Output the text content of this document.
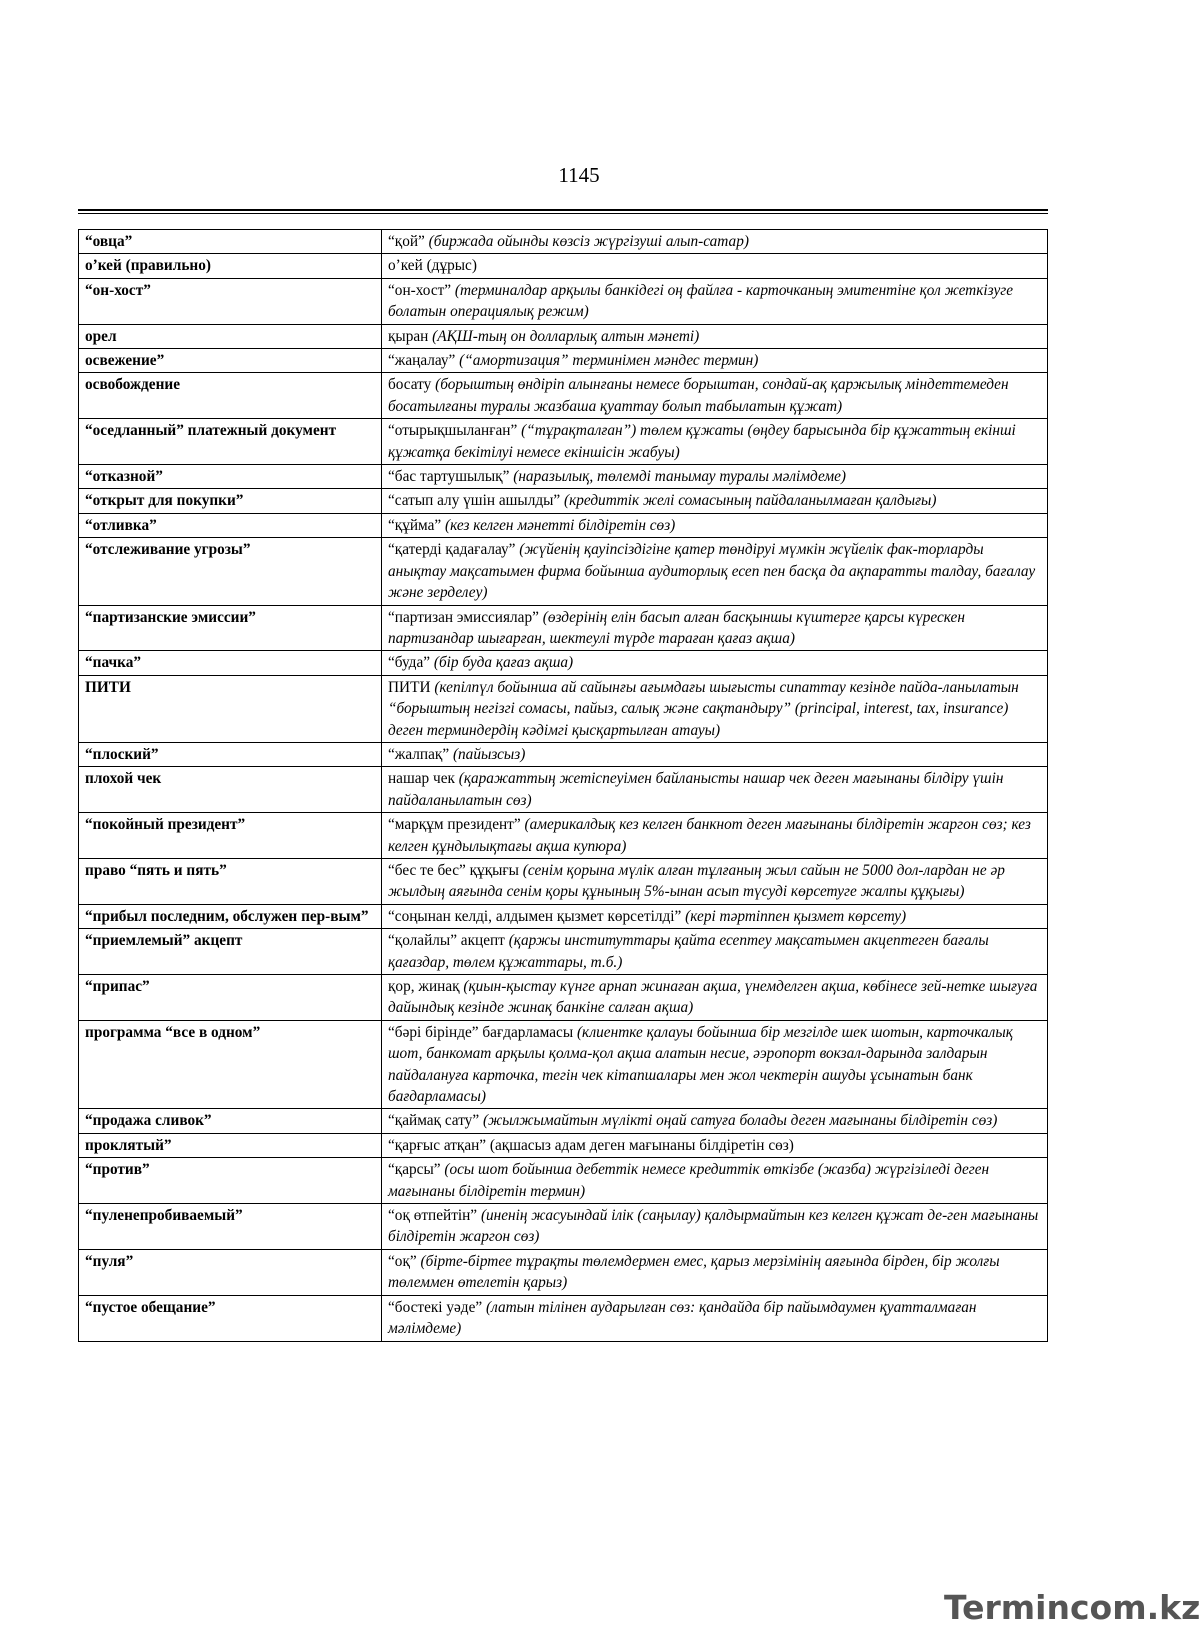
1145
“овца”	“қой” (биржада ойынды көзсіз жүргізуші алып-сатар)
о’кей (правильно)	о’кей (дұрыс)
“он-хост”	“он-хост” (терминалдар арқылы банкідегі оң файлға - карточканың эмитентіне қол жеткізуге болатын операциялық режим)
орел	қыран (АҚШ-тың он долларлық алтын мәнеті)
освежение”	“жаңалау” (“амортизация” терминімен мәндес термин)
освобождение	босату (борыштың өндіріп алынғаны немесе борыштан, сондай-ақ қаржылық міндеттемеден босатылғаны туралы жазбаша қуаттау болып табылатын құжат)
“оседланный” платежный документ	“отырықшыланған” (“тұрақталған”) төлем құжаты (өңдеу барысында бір құжаттың екінші құжатқа бекітілуі немесе екіншісін жабуы)
“отказной”	“бас тартушылық” (наразылық, төлемді танымау туралы мәлімдеме)
“открыт для покупки”	“сатып алу үшін ашылды” (кредиттік желі сомасының пайдаланылмаған қалдығы)
“отливка”	“құйма” (кез келген мәнетті білдіретін сөз)
“отслеживание угрозы”	“қатерді қадағалау” (жүйенің қауіпсіздігіне қатер төндіруі мүмкін жүйелік фак-торларды анықтау мақсатымен фирма бойынша аудиторлық есеп пен басқа да ақпаратты талдау, бағалау және зерделеу)
“партизанские эмиссии”	“партизан эмиссиялар” (өздерінің елін басып алған басқыншы күштерге қарсы күрескен партизандар шығарған, шектеулі түрде тараған қағаз ақша)
“пачка”	“буда” (бір буда қағаз ақша)
ПИТИ	ПИТИ (кепілпүл бойынша ай сайынғы ағымдағы шығысты сипаттау кезінде пайда-ланылатын “борыштың негізгі сомасы, пайыз, салық және сақтандыру” (principal, interest, tax, insurance) деген терминдердің кәдімгі қысқартылған атауы)
“плоский”	“жалпақ” (пайызсыз)
плохой чек	нашар чек (қаражаттың жетіспеуімен байланысты нашар чек деген мағынаны білдіру үшін пайдаланылатын сөз)
“покойный президент”	“марқұм президент” (америкалдық кез келген банкнот деген мағынаны білдіретін жаргон сөз; кез келген құндылықтағы ақша купюра)
право “пять и пять”	“бес те бес” құқығы (сенім қорына мүлік алған тұлғаның жыл сайын не 5000 дол-лардан не әр жылдың аяғында сенім қоры құнының 5%-ынан асып түсуді көрсетуге жалпы құқығы)
“прибыл последним, обслужен пер-вым”	“соңынан келді, алдымен қызмет көрсетілді” (кері тәртіппен қызмет көрсету)
“приемлемый” акцепт	“қолайлы” акцепт (қаржы институттары қайта есептеу мақсатымен акцептеген бағалы қағаздар, төлем құжаттары, т.б.)
“припас”	қор, жинақ (қиын-қыстау күнге арнап жинаған ақша, үнемделген ақша, көбінесе зей-нетке шығуға дайындық кезінде жинақ банкіне салған ақша)
программа “все в одном”	“бәрі бірінде” бағдарламасы (клиентке қалауы бойынша бір мезгілде шек шотын, карточкалық шот, банкомат арқылы қолма-қол ақша алатын несие, әэропорт вокзал-дарында залдарын пайдалануға карточка, тегін чек кітапшалары мен жол чектерін ашуды ұсынатын банк бағдарламасы)
“продажа сливок”	“қаймақ сату” (жылжымайтын мүлікті оңай сатуға болады деген мағынаны білдіретін сөз)
проклятый”	“қарғыс атқан” (ақшасыз адам деген мағынаны білдіретін сөз)
“против”	“қарсы” (осы шот бойынша дебеттік немесе кредиттік өткізбе (жазба) жүргізіледі деген мағынаны білдіретін термин)
“пуленепробиваемый”	“оқ өтпейтін” (иненің жасуындай ілік (саңылау) қалдырмайтын кез келген құжат де-ген мағынаны білдіретін жаргон сөз)
“пуля”	“оқ” (бірте-біртее тұрақты төлемдермен емес, қарыз мерзімінің аяғында бірден, бір жолғы төлеммен өтелетін қарыз)
“пустое обещание”	“бостекі уәде” (латын тілінен аударылған сөз: қандайда бір пайымдаумен қуатталмаған мәлімдеме)
Termincom.kz
